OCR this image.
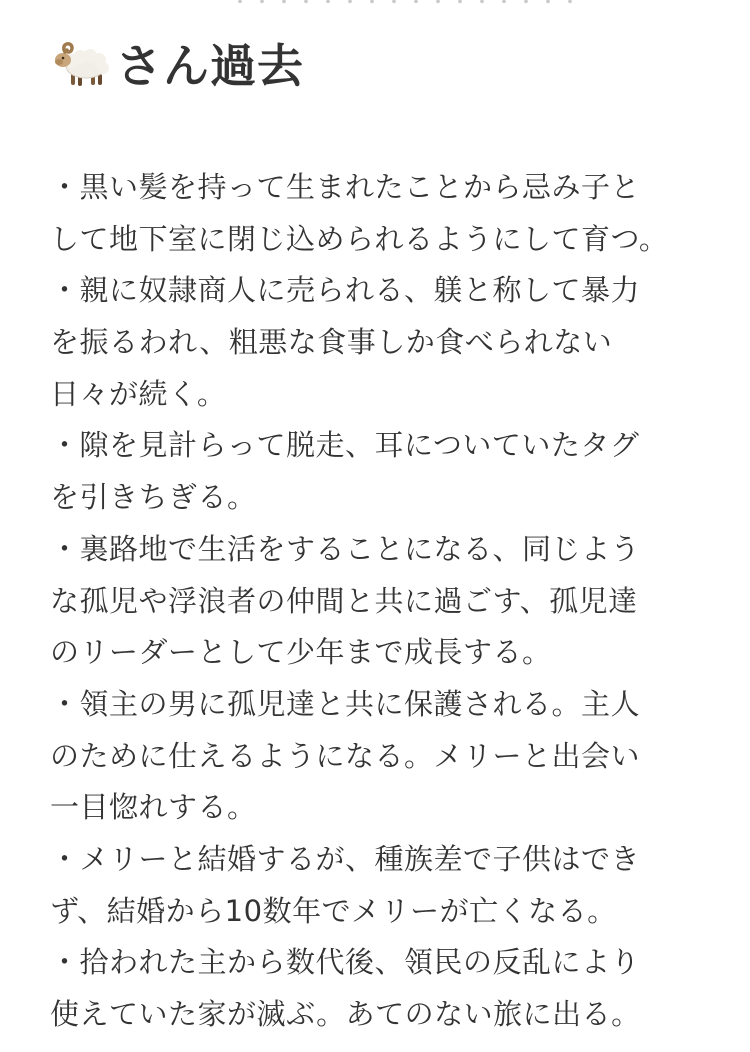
・・・・・・・・・・・・・・・・
さん過去
・黒い髪を持って生まれたことから忌み子と
して地下室に閉じ込められるようにして育つ。
・親に奴隷商人に売られる、躾と称して暴力
を振るわれ、粗悪な食事しか食べられない
日々が続く。
・隙を見計らって脱走、耳についていたタグ
を引きちぎる。
・裏路地で生活をすることになる、同じよう
な孤児や浮浪者の仲間と共に過ごす、孤児達
のリーダーとして少年まで成長する。
・領主の男に孤児達と共に保護される。主人
のために仕えるようになる。メリーと出会い
一目惚れする。
・メリーと結婚するが、種族差で子供はでき
ず、結婚から10数年でメリーが亡くなる。
・拾われた主から数代後、領民の反乱により
使えていた家が滅ぶ。あてのない旅に出る。
